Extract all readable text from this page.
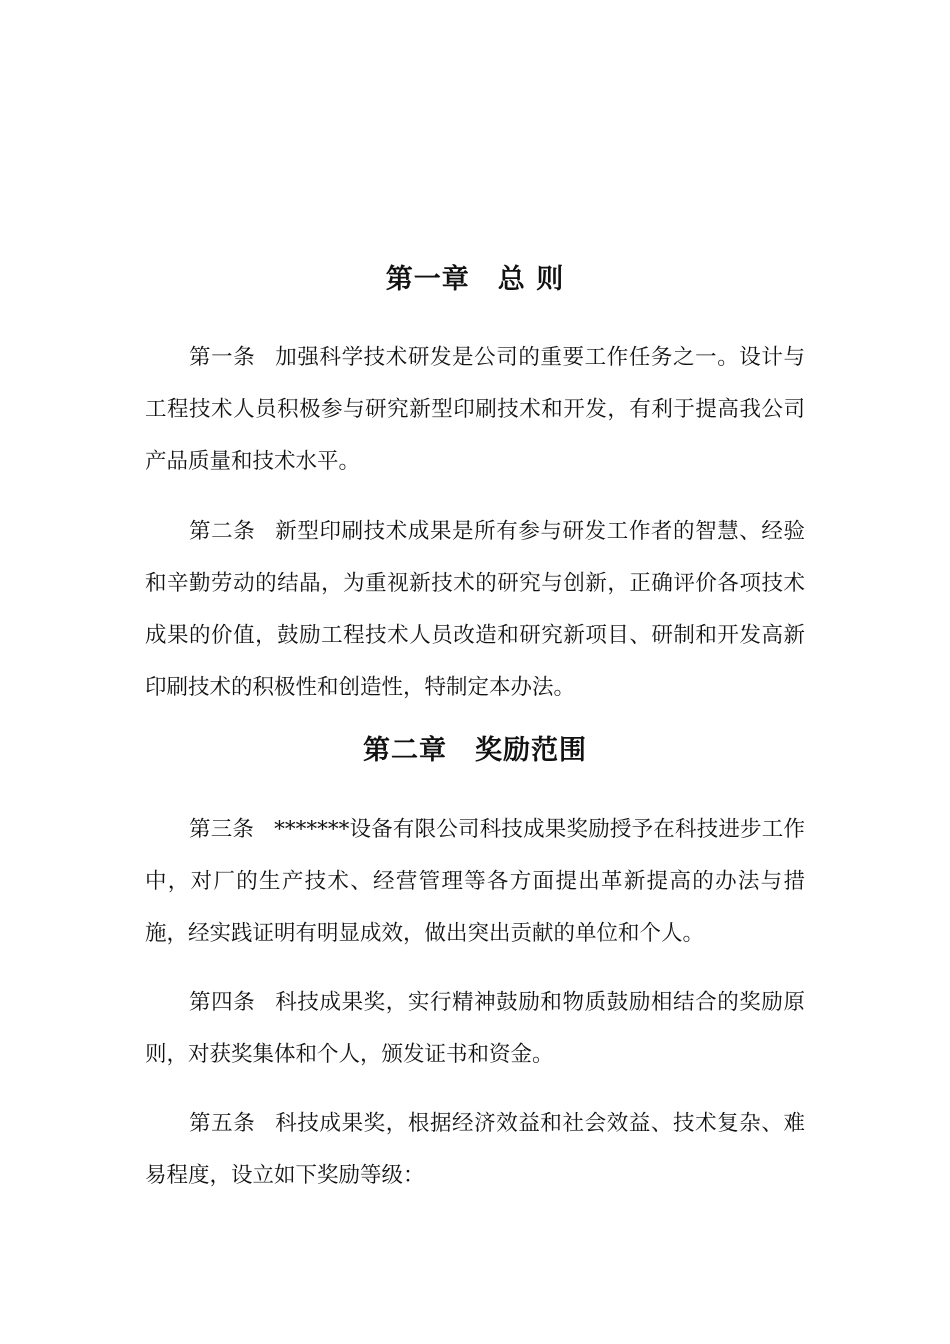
第一章　总 则

第一条 加强科学技术研发是公司的重要工作任务之一。设计与工程技术人员积极参与研究新型印刷技术和开发，有利于提高我公司产品质量和技术水平。

第二条 新型印刷技术成果是所有参与研发工作者的智慧、经验和辛勤劳动的结晶，为重视新技术的研究与创新，正确评价各项技术成果的价值，鼓励工程技术人员改造和研究新项目、研制和开发高新印刷技术的积极性和创造性，特制定本办法。

第二章　奖励范围

第三条 *******设备有限公司科技成果奖励授予在科技进步工作中，对厂的生产技术、经营管理等各方面提出革新提高的办法与措施，经实践证明有明显成效，做出突出贡献的单位和个人。

第四条 科技成果奖，实行精神鼓励和物质鼓励相结合的奖励原则，对获奖集体和个人，颁发证书和资金。

第五条 科技成果奖，根据经济效益和社会效益、技术复杂、难易程度，设立如下奖励等级：
